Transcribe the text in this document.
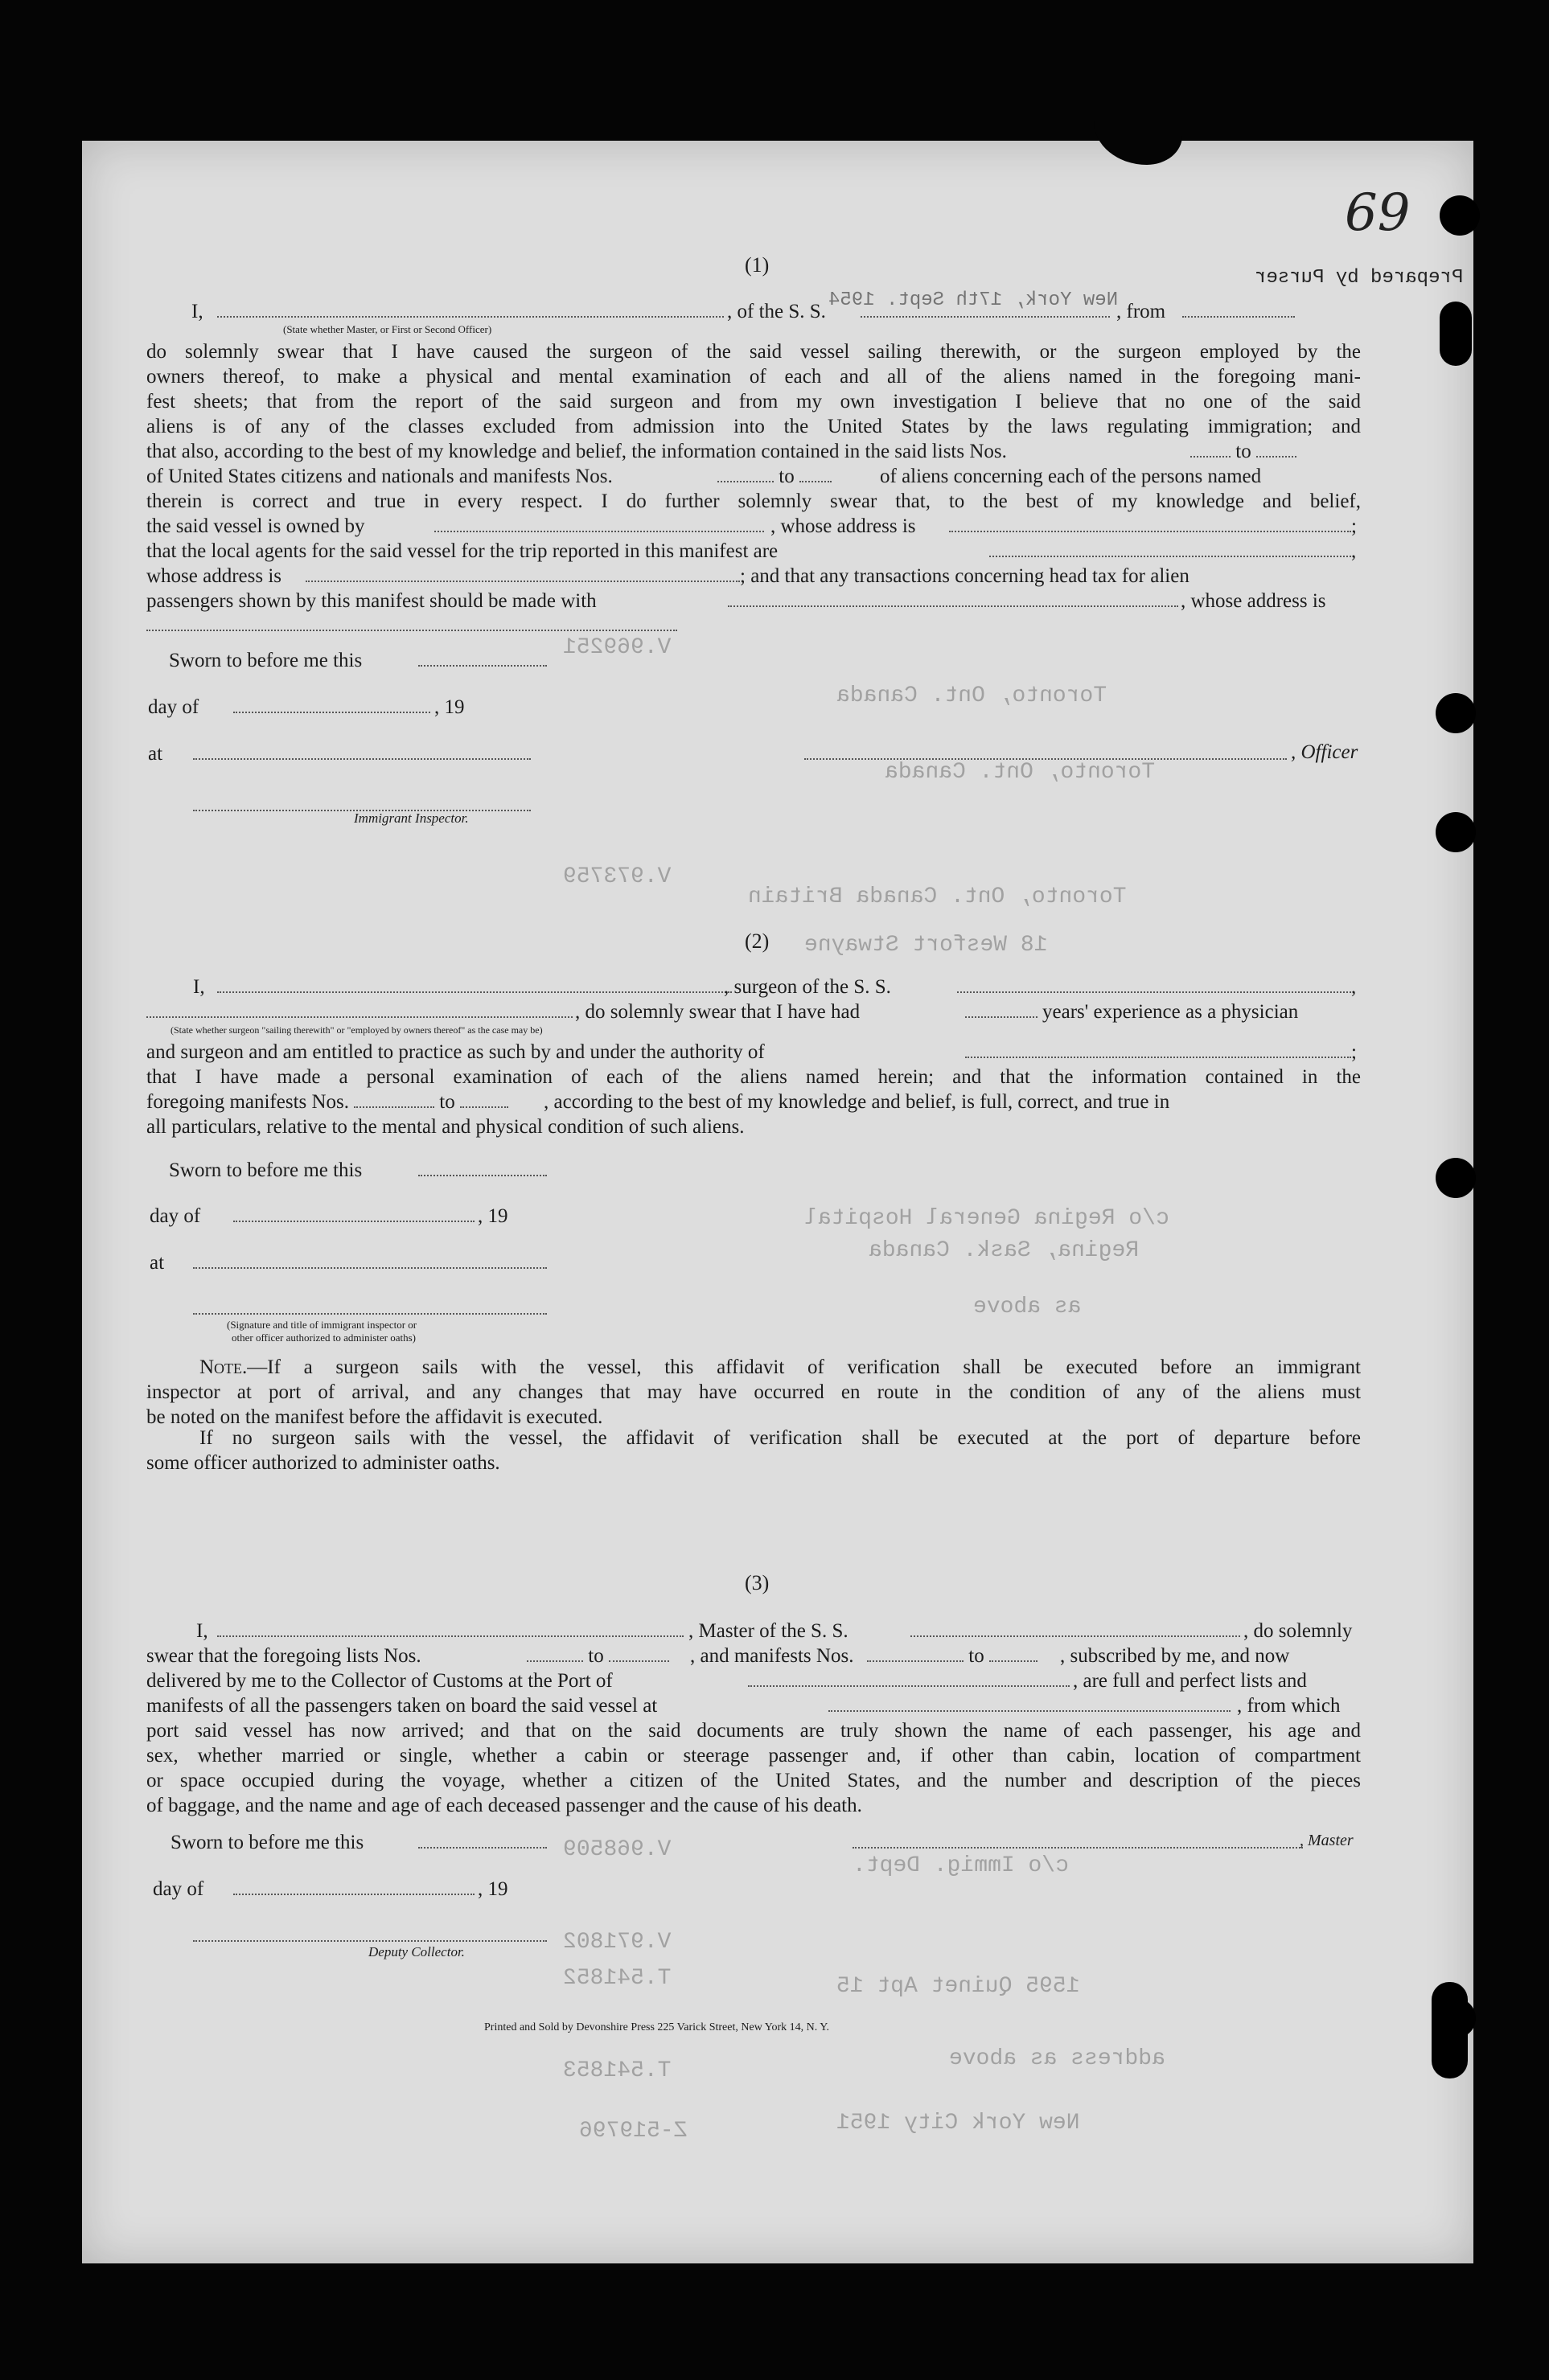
V.969251
Toronto, Ont. Canada
Toronto, Ont. Canada
V.973759
Toronto, Ont. Canada Britain
18 Wesfort Stwayne
c/o Regina General Hospital
Regina, Sask. Canada
as above
V.968509
c/o Immig. Dept.
V.971802
T.541852	1595 Quinet Apt 15
address as above
T.541853
New York City 1951
Z-519796
69
Prepared by Purser
New York, 17th Sept. 1954
(1)
I,	, of the S. S.	, from
(State whether Master, or First or Second Officer)
do solemnly swear that I have caused the surgeon of the said vessel sailing therewith, or the surgeon employed by the
owners thereof, to make a physical and mental examination of each and all of the aliens named in the foregoing mani-
fest sheets; that from the report of the said surgeon and from my own investigation I believe that no one of the said
aliens is of any of the classes excluded from admission into the United States by the laws regulating immigration; and
that also, according to the best of my knowledge and belief, the information contained in the said lists Nos.	to
of United States citizens and nationals and manifests Nos.	to	of aliens concerning each of the persons named
therein is correct and true in every respect. I do further solemnly swear that, to the best of my knowledge and belief,
the said vessel is owned by	, whose address is	;
that the local agents for the said vessel for the trip reported in this manifest are	,
whose address is	; and that any transactions concerning head tax for alien
passengers shown by this manifest should be made with	, whose address is
Sworn to before me this
day of	, 19
at	, Officer
Immigrant Inspector.
(2)
I,	, surgeon of the S. S.	,
, do solemnly swear that I have had	years' experience as a physician
(State whether surgeon "sailing therewith" or "employed by owners thereof" as the case may be)
and surgeon and am entitled to practice as such by and under the authority of	;
that I have made a personal examination of each of the aliens named herein; and that the information contained in the
foregoing manifests Nos.	to	, according to the best of my knowledge and belief, is full, correct, and true in
all particulars, relative to the mental and physical condition of such aliens.
Sworn to before me this
day of	, 19
at
(Signature and title of immigrant inspector or
other officer authorized to administer oaths)
Note.—If a surgeon sails with the vessel, this affidavit of verification shall be executed before an immigrant
inspector at port of arrival, and any changes that may have occurred en route in the condition of any of the aliens must
be noted on the manifest before the affidavit is executed.
If no surgeon sails with the vessel, the affidavit of verification shall be executed at the port of departure before
some officer authorized to administer oaths.
(3)
I,	, Master of the S. S.	, do solemnly
swear that the foregoing lists Nos.	to	, and manifests Nos.	to	, subscribed by me, and now
delivered by me to the Collector of Customs at the Port of	, are full and perfect lists and
manifests of all the passengers taken on board the said vessel at	, from which
port said vessel has now arrived; and that on the said documents are truly shown the name of each passenger, his age and
sex, whether married or single, whether a cabin or steerage passenger and, if other than cabin, location of compartment
or space occupied during the voyage, whether a citizen of the United States, and the number and description of the pieces
of baggage, and the name and age of each deceased passenger and the cause of his death.
Sworn to before me this	, Master
day of	, 19
Deputy Collector.
Printed and Sold by Devonshire Press 225 Varick Street, New York 14, N. Y.
